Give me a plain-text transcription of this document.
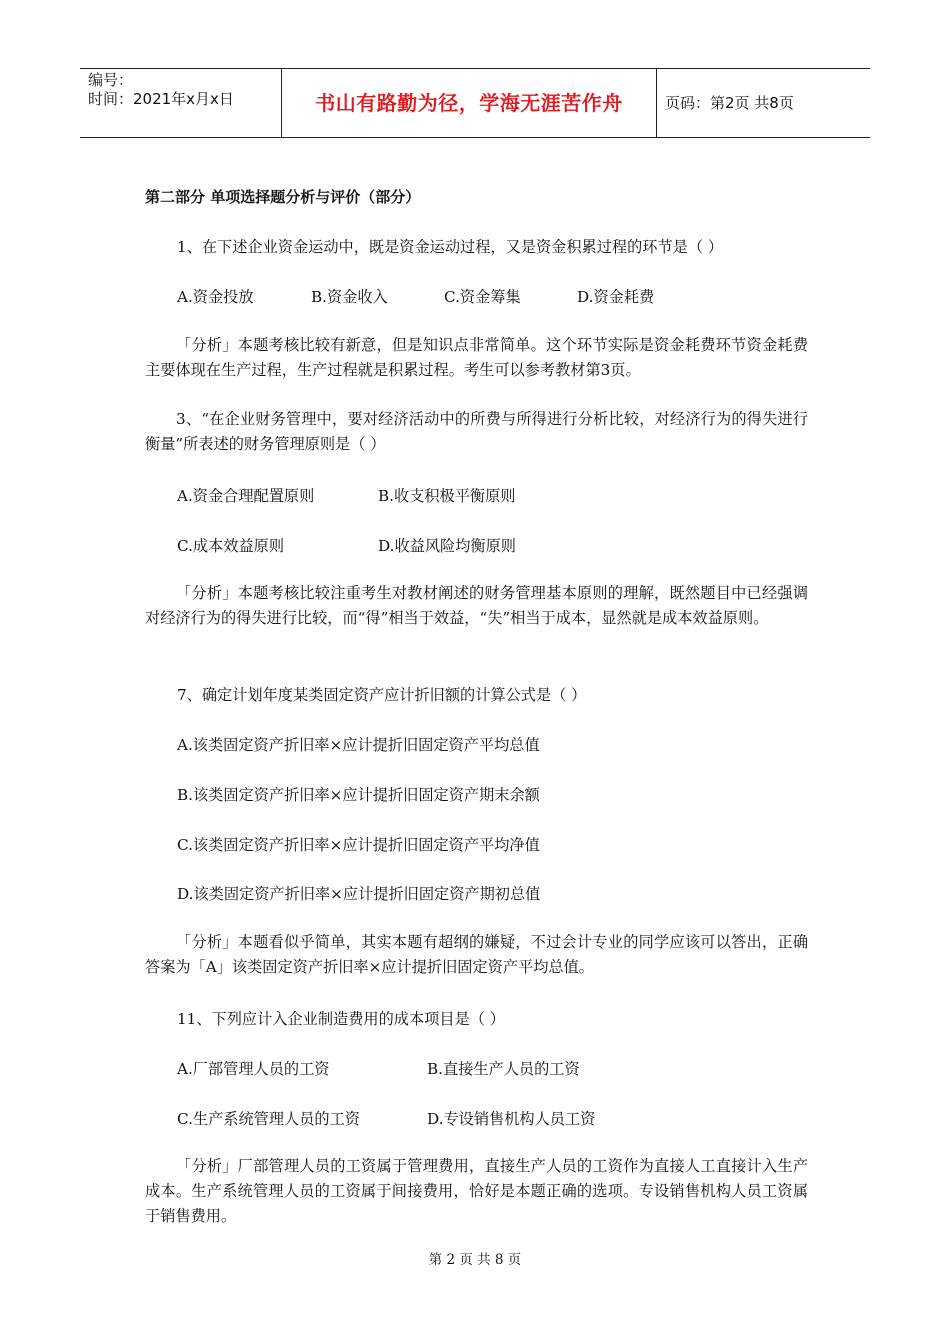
编号：
时间：2021年x月x日	书山有路勤为径，学海无涯苦作舟	页码：第2页 共8页
第二部分 单项选择题分析与评价（部分）
1、在下述企业资金运动中，既是资金运动过程，又是资金积累过程的环节是（ ）
A.资金投放	B.资金收入	C.资金筹集	D.资金耗费
「分析」本题考核比较有新意，但是知识点非常简单。这个环节实际是资金耗费环节资金耗费主要体现在生产过程，生产过程就是积累过程。考生可以参考教材第3页。
3、“在企业财务管理中，要对经济活动中的所费与所得进行分析比较，对经济行为的得失进行衡量”所表述的财务管理原则是（ ）
A.资金合理配置原则	B.收支积极平衡原则
C.成本效益原则	D.收益风险均衡原则
「分析」本题考核比较注重考生对教材阐述的财务管理基本原则的理解，既然题目中已经强调对经济行为的得失进行比较，而“得”相当于效益，“失”相当于成本，显然就是成本效益原则。
7、确定计划年度某类固定资产应计折旧额的计算公式是（ ）
A.该类固定资产折旧率×应计提折旧固定资产平均总值
B.该类固定资产折旧率×应计提折旧固定资产期末余额
C.该类固定资产折旧率×应计提折旧固定资产平均净值
D.该类固定资产折旧率×应计提折旧固定资产期初总值
「分析」本题看似乎简单，其实本题有超纲的嫌疑，不过会计专业的同学应该可以答出，正确答案为「A」该类固定资产折旧率×应计提折旧固定资产平均总值。
11、下列应计入企业制造费用的成本项目是（ ）
A.厂部管理人员的工资	B.直接生产人员的工资
C.生产系统管理人员的工资	D.专设销售机构人员工资
「分析」厂部管理人员的工资属于管理费用，直接生产人员的工资作为直接人工直接计入生产成本。生产系统管理人员的工资属于间接费用，恰好是本题正确的选项。专设销售机构人员工资属于销售费用。
第 2 页 共 8 页
